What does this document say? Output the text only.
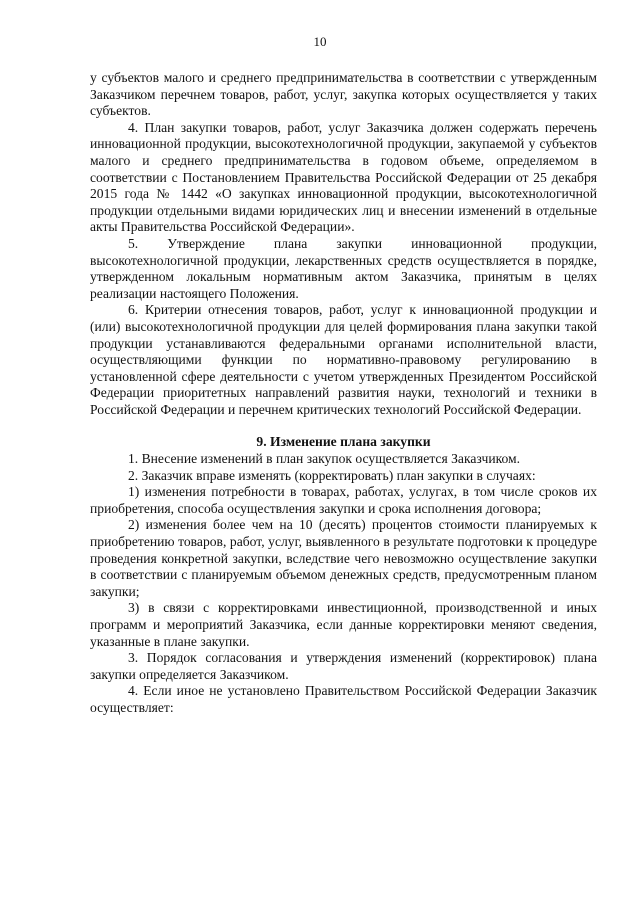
10

у субъектов малого и среднего предпринимательства в соответствии с утвержденным Заказчиком перечнем товаров, работ, услуг, закупка которых осуществляется у таких субъектов.

4. План закупки товаров, работ, услуг Заказчика должен содержать перечень инновационной продукции, высокотехнологичной продукции, закупаемой у субъектов малого и среднего предпринимательства в годовом объеме, определяемом в соответствии с Постановлением Правительства Российской Федерации от 25 декабря 2015 года № 1442 «О закупках инновационной продукции, высокотехнологичной продукции отдельными видами юридических лиц и внесении изменений в отдельные акты Правительства Российской Федерации».

5. Утверждение плана закупки инновационной продукции, высокотехнологичной продукции, лекарственных средств осуществляется в порядке, утвержденном локальным нормативным актом Заказчика, принятым в целях реализации настоящего Положения.

6. Критерии отнесения товаров, работ, услуг к инновационной продукции и (или) высокотехнологичной продукции для целей формирования плана закупки такой продукции устанавливаются федеральными органами исполнительной власти, осуществляющими функции по нормативно-правовому регулированию в установленной сфере деятельности с учетом утвержденных Президентом Российской Федерации приоритетных направлений развития науки, технологий и техники в Российской Федерации и перечнем критических технологий Российской Федерации.

9. Изменение плана закупки

1. Внесение изменений в план закупок осуществляется Заказчиком.

2. Заказчик вправе изменять (корректировать) план закупки в случаях:

1) изменения потребности в товарах, работах, услугах, в том числе сроков их приобретения, способа осуществления закупки и срока исполнения договора;

2) изменения более чем на 10 (десять) процентов стоимости планируемых к приобретению товаров, работ, услуг, выявленного в результате подготовки к процедуре проведения конкретной закупки, вследствие чего невозможно осуществление закупки в соответствии с планируемым объемом денежных средств, предусмотренным планом закупки;

3) в связи с корректировками инвестиционной, производственной и иных программ и мероприятий Заказчика, если данные корректировки меняют сведения, указанные в плане закупки.

3. Порядок согласования и утверждения изменений (корректировок) плана закупки определяется Заказчиком.

4. Если иное не установлено Правительством Российской Федерации Заказчик осуществляет:
